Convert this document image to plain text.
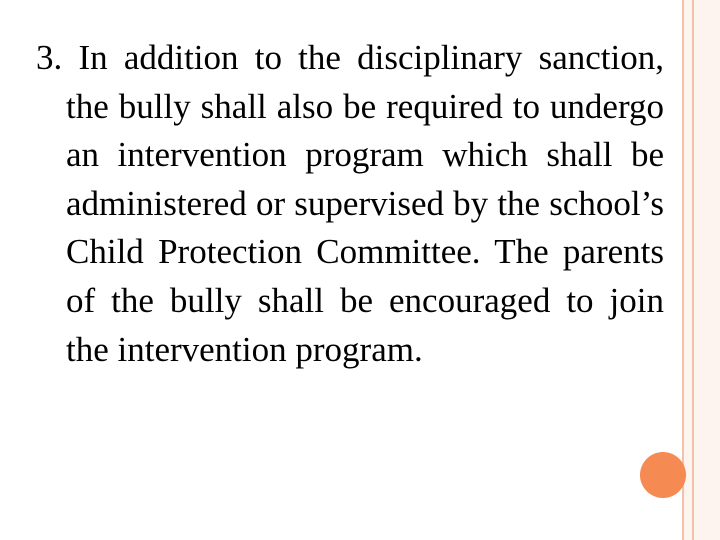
3. In addition to the disciplinary sanction, the bully shall also be required to undergo an intervention program which shall be administered or supervised by the school’s Child Protection Committee. The parents of the bully shall be encouraged to join the intervention program.
